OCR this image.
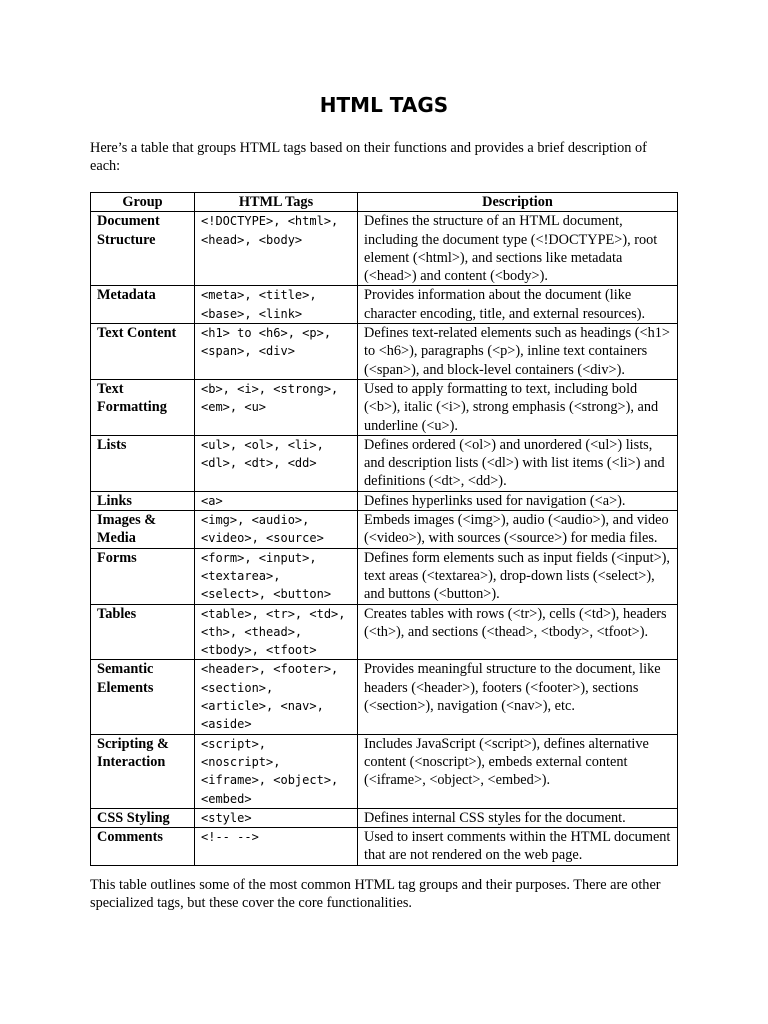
HTML TAGS

Here’s a table that groups HTML tags based on their functions and provides a brief description of each:

Group	HTML Tags	Description
Document Structure	<!DOCTYPE>, <html>, <head>, <body>	Defines the structure of an HTML document, including the document type (<!DOCTYPE>), root element (<html>), and sections like metadata (<head>) and content (<body>).
Metadata	<meta>, <title>, <base>, <link>	Provides information about the document (like character encoding, title, and external resources).
Text Content	<h1> to <h6>, <p>, <span>, <div>	Defines text-related elements such as headings (<h1> to <h6>), paragraphs (<p>), inline text containers (<span>), and block-level containers (<div>).
Text Formatting	<b>, <i>, <strong>, <em>, <u>	Used to apply formatting to text, including bold (<b>), italic (<i>), strong emphasis (<strong>), and underline (<u>).
Lists	<ul>, <ol>, <li>, <dl>, <dt>, <dd>	Defines ordered (<ol>) and unordered (<ul>) lists, and description lists (<dl>) with list items (<li>) and definitions (<dt>, <dd>).
Links	<a>	Defines hyperlinks used for navigation (<a>).
Images & Media	<img>, <audio>, <video>, <source>	Embeds images (<img>), audio (<audio>), and video (<video>), with sources (<source>) for media files.
Forms	<form>, <input>, <textarea>, <select>, <button>	Defines form elements such as input fields (<input>), text areas (<textarea>), drop-down lists (<select>), and buttons (<button>).
Tables	<table>, <tr>, <td>, <th>, <thead>, <tbody>, <tfoot>	Creates tables with rows (<tr>), cells (<td>), headers (<th>), and sections (<thead>, <tbody>, <tfoot>).
Semantic Elements	<header>, <footer>, <section>, <article>, <nav>, <aside>	Provides meaningful structure to the document, like headers (<header>), footers (<footer>), sections (<section>), navigation (<nav>), etc.
Scripting & Interaction	<script>, <noscript>, <iframe>, <object>, <embed>	Includes JavaScript (<script>), defines alternative content (<noscript>), embeds external content (<iframe>, <object>, <embed>).
CSS Styling	<style>	Defines internal CSS styles for the document.
Comments	<!-- -->	Used to insert comments within the HTML document that are not rendered on the web page.

This table outlines some of the most common HTML tag groups and their purposes. There are other specialized tags, but these cover the core functionalities.
